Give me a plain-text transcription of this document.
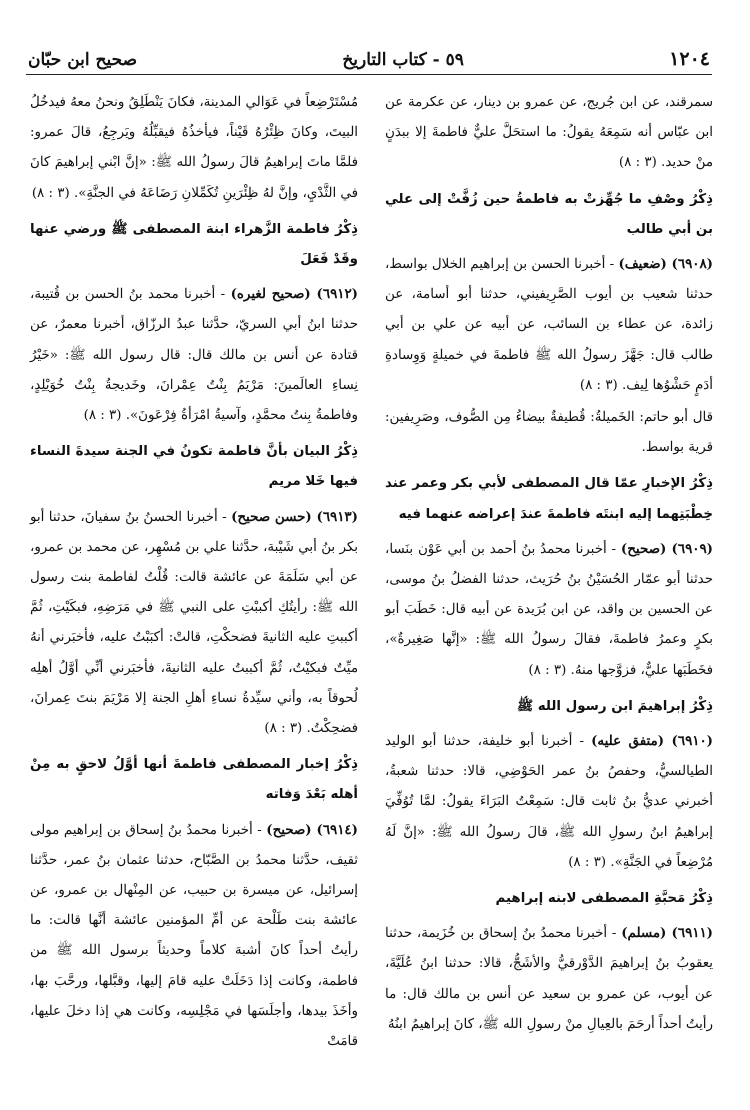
١٢٠٤
٥٩ - كتاب التاريخ
صحيح ابن حبّان

سمرقند، عن ابن جُريج، عن عمرو بن دينار، عن عكرمة عن ابن عبّاس أنه سَمِعَهُ يقولُ: ما استحَلَّ عليٌّ فاطمةَ إلا ببدَنٍ منْ حديد. (٣ : ٨)

ذِكْرُ وصْفِ ما جُهِّزتْ به فاطمةُ حين زُفَّتْ إلى علي بن أبي طالب

(٦٩٠٨) (ضعيف) - أخبرنا الحسن بن إبراهيم الخلال بواسط، حدثنا شعيب بن أيوب الصَّرِيفيني، حدثنا أبو أسامة، عن زائدة، عن عطاء بن السائب، عن أبيه عن علي بن أبي طالب قال: جَهَّزَ رسولُ الله ﷺ فاطمةَ في خميلةٍ وَوِسادةِ أدَمٍ حَشْوُها لِيف. (٣ : ٨)

قال أبو حاتم: الخَميلةُ: قُطيفةٌ بيضاءُ مِن الصُّوف، وصَرِيفين: قرية بواسط.

ذِكْرُ الإخبارِ عمّا قال المصطفى لأبي بكر وعمر عند خِطْبَتِهما إليه ابنتَه فاطمةَ عندَ إعراضه عنهما فيه

(٦٩٠٩) (صحيح) - أخبرنا محمدُ بنُ أحمد بن أبي عَوْن بنَسا، حدثنا أبو عمّار الحُسَيْنُ بنُ حُرَيث، حدثنا الفضلُ بنُ موسى، عن الحسين بن واقد، عن ابن بُرَيدة عن أبيه قال: خَطَبَ أبو بكرٍ وعمرُ فاطمةَ، فقالَ رسولُ الله ﷺ: «إنَّها صَغِيرةٌ»، فخَطَبَها عليٌّ، فزوَّجها منهُ. (٣ : ٨)

ذِكْرُ إبراهيمَ ابن رسول الله ﷺ

(٦٩١٠) (متفق عليه) - أخبرنا أبو خليفة، حدثنا أبو الوليد الطيالسيُّ، وحفصُ بنُ عمر الحَوْضِي، قالا: حدثنا شعبةُ، أخبرني عديُّ بنُ ثابت قال: سَمِعْتُ البَرَاءَ يقولُ: لمَّا تُوُفِّيَ إبراهيمُ ابنُ رسولِ الله ﷺ، قالَ رسولُ الله ﷺ: «إنَّ لَهُ مُرْضِعاً في الجَنَّةِ». (٣ : ٨)

ذِكْرُ مَحبَّةِ المصطفى لابنه إبراهيم

(٦٩١١) (مسلم) - أخبرنا محمدُ بنُ إسحاق بن خُزَيمة، حدثنا يعقوبُ بنُ إبراهيمَ الدَّوْرقيُّ والأشَجُّ، قالا: حدثنا ابنُ عُلَيَّةَ، عن أيوب، عن عمرو بن سعيد عن أنس بن مالك قال: ما رأيتُ أحداً أرحَمَ بالعِيالِ منْ رسولِ الله ﷺ، كانَ إبراهيمُ ابنُهُ

مُسْتَرْضِعاً في عَوَالي المدينة، فكانَ يَنْطَلِقُ ونحنُ معهُ فيدخُلُ البيتَ، وكانَ ظِئْرُهُ قَيْناً، فيأخذُهُ فيقبِّلُهُ ويَرجِعُ، قالَ عمرو: فلمَّا ماتَ إبراهيمُ قالَ رسولُ الله ﷺ: «إنَّ ابْني إبراهيمَ كانَ في الثَّدْيِ، وإنَّ لهُ ظِئْرَينِ تُكَمِّلانِ رَضَاعَهُ في الجنَّةِ». (٣ : ٨)

ذِكْرُ فاطمة الزَّهراء ابنة المصطفى ﷺ ورضي عنها وقَدْ فَعَلَ

(٦٩١٢) (صحيح لغيره) - أخبرنا محمد بنُ الحسن بن قُتيبة، حدثنا ابنُ أبي السريّ، حدَّثنا عبدُ الرزّاق، أخبرنا معمرٌ، عن قتادة عن أنس بن مالك قال: قال رسول الله ﷺ: «خَيْرُ نِساءِ العالَمينَ: مَرْيَمُ بِنْتُ عِمْرانَ، وخَديجةُ بِنْتُ خُوَيْلِدٍ، وفاطمةُ بِنتُ محمَّدٍ، وآسيةُ امْرَأةُ فِرْعَونَ». (٣ : ٨)

ذِكْرُ البيان بأنَّ فاطمة تكونُ في الجنة سيدةَ النساء فيها خَلا مريم

(٦٩١٣) (حسن صحيح) - أخبرنا الحسنُ بنُ سفيانَ، حدثنا أبو بكر بنُ أبي شَيْبة، حدَّثنا علي بن مُسْهِر، عن محمد بن عمرو، عن أبي سَلَمَةَ عن عائشة قالت: قُلْتُ لفاطمة بنت رسول الله ﷺ: رأيتُكِ أكببْتِ على النبي ﷺ في مَرَضِهِ، فبكَيْتِ، ثُمَّ أكببتِ عليه الثانيةَ فضحكْتِ، قالتْ: أكبَبْتُ عليه، فأخبَرني أنهُ ميِّتٌ فبكيْتُ، ثُمَّ أكببتُ عليه الثانيةَ، فأخبَرني أنِّي أوَّلُ أهلِه لُحوقاً به، وأني سيِّدةُ نساءِ أهلِ الجنة إلا مَرْيَمَ بنتَ عِمرانَ، فضحِكْتُ. (٣ : ٨)

ذِكْرُ إخبار المصطفى فاطمةَ أنها أوَّلُ لاحقٍ به مِنْ أهله بَعْدَ وَفاته

(٦٩١٤) (صحيح) - أخبرنا محمدُ بنُ إسحاق بن إبراهيم مولى ثقيف، حدَّثنا محمدُ بن الصَّبّاح، حدثنا عثمان بنُ عمر، حدَّثنا إسرائيل، عن ميسرة بن حبيب، عن المِنْهال بن عمرو، عن عائشة بنت طَلْحة عن أمِّ المؤمنين عائشة أنَّها قالت: ما رأيتُ أحداً كانَ أشبهَ كلاماً وحديثاً برسول الله ﷺ من فاطمة، وكانت إذا دَخَلَتْ عليه قامَ إليها، وقبَّلها، ورحَّبَ بها، وأخَذَ بيدها، وأجلَسَها في مَجْلِسِه، وكانت هي إذا دخلَ عليها، قامَتْ
